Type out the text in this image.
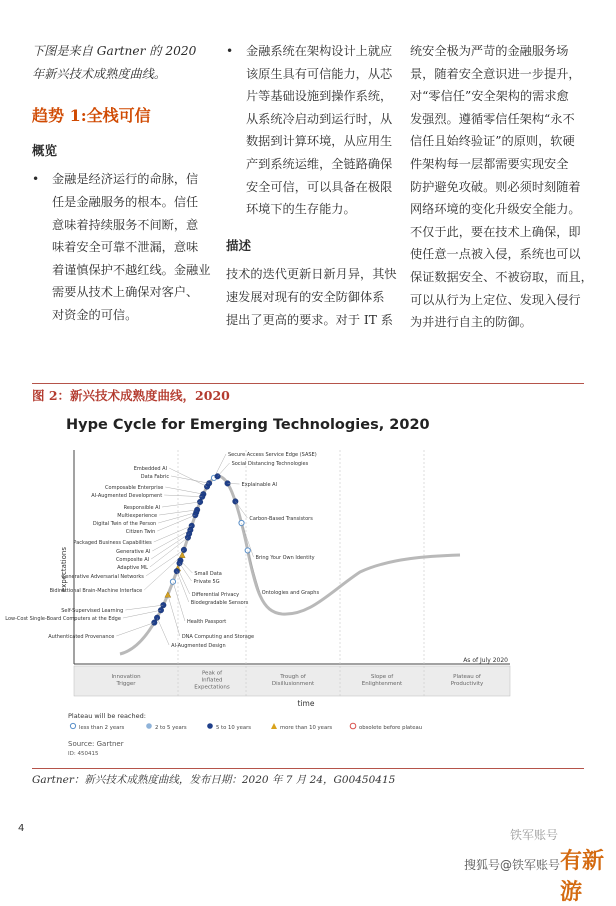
下图是来自 Gartner 的 2020
年新兴技术成熟度曲线。
趋势 1:全栈可信
概览
• 金融是经济运行的命脉，信
任是金融服务的根本。信任
意味着持续服务不间断，意
味着安全可靠不泄漏，意味
着谨慎保护不越红线。金融业
需要从技术上确保对客户、
对资金的可信。
• 金融系统在架构设计上就应
该原生具有可信能力，从芯
片等基础设施到操作系统，
从系统冷启动到运行时，从
数据到计算环境，从应用生
产到系统运维，全链路确保
安全可信，可以具备在极限
环境下的生存能力。
描述
技术的迭代更新日新月异，其快
速发展对现有的安全防御体系
提出了更高的要求。对于 IT 系
统安全极为严苛的金融服务场
景，随着安全意识进一步提升，
对“零信任”安全架构的需求愈
发强烈。遵循零信任架构“永不
信任且始终验证”的原则，软硬
件架构每一层都需要实现安全
防护避免攻破。则必须时刻随着
网络环境的变化升级安全能力。
不仅于此，要在技术上确保，即
使任意一点被入侵，系统也可以
保证数据安全、不被窃取，而且，
可以从行为上定位、发现入侵行
为并进行自主的防御。
图 2：新兴技术成熟度曲线，2020
Hype Cycle for Emerging Technologies, 2020
expectations
time
As of July 2020
Innovation Trigger
Peak of Inflated Expectations
Trough of Disillusionment
Slope of Enlightenment
Plateau of Productivity
Secure Access Service Edge (SASE)
Social Distancing Technologies
Explainable AI
Embedded AI
Data Fabric
Composable Enterprise
AI-Augmented Development
Responsible AI
Carbon-Based Transistors
Multiexperience
Digital Twin of the Person
Citizen Twin
Packaged Business Capabilities
Generative AI
Composite AI
Adaptive ML
Bring Your Own Identity
Generative Adversarial Networks
Bidirectional Brain-Machine Interface
Small Data
Private 5G
Differential Privacy
Biodegradable Sensors
Ontologies and Graphs
Self-Supervised Learning
Low-Cost Single-Board Computers at the Edge	Health Passport
Authenticated Provenance	DNA Computing and Storage
AI-Augmented Design
Plateau will be reached:
less than 2 years	2 to 5 years	5 to 10 years	more than 10 years	obsolete before plateau
Source: Gartner
ID: 450415
Gartner：新兴技术成熟度曲线，发布日期：2020 年 7 月 24，G00450415
4	铁军账号
搜狐号@铁军账号 有新游
